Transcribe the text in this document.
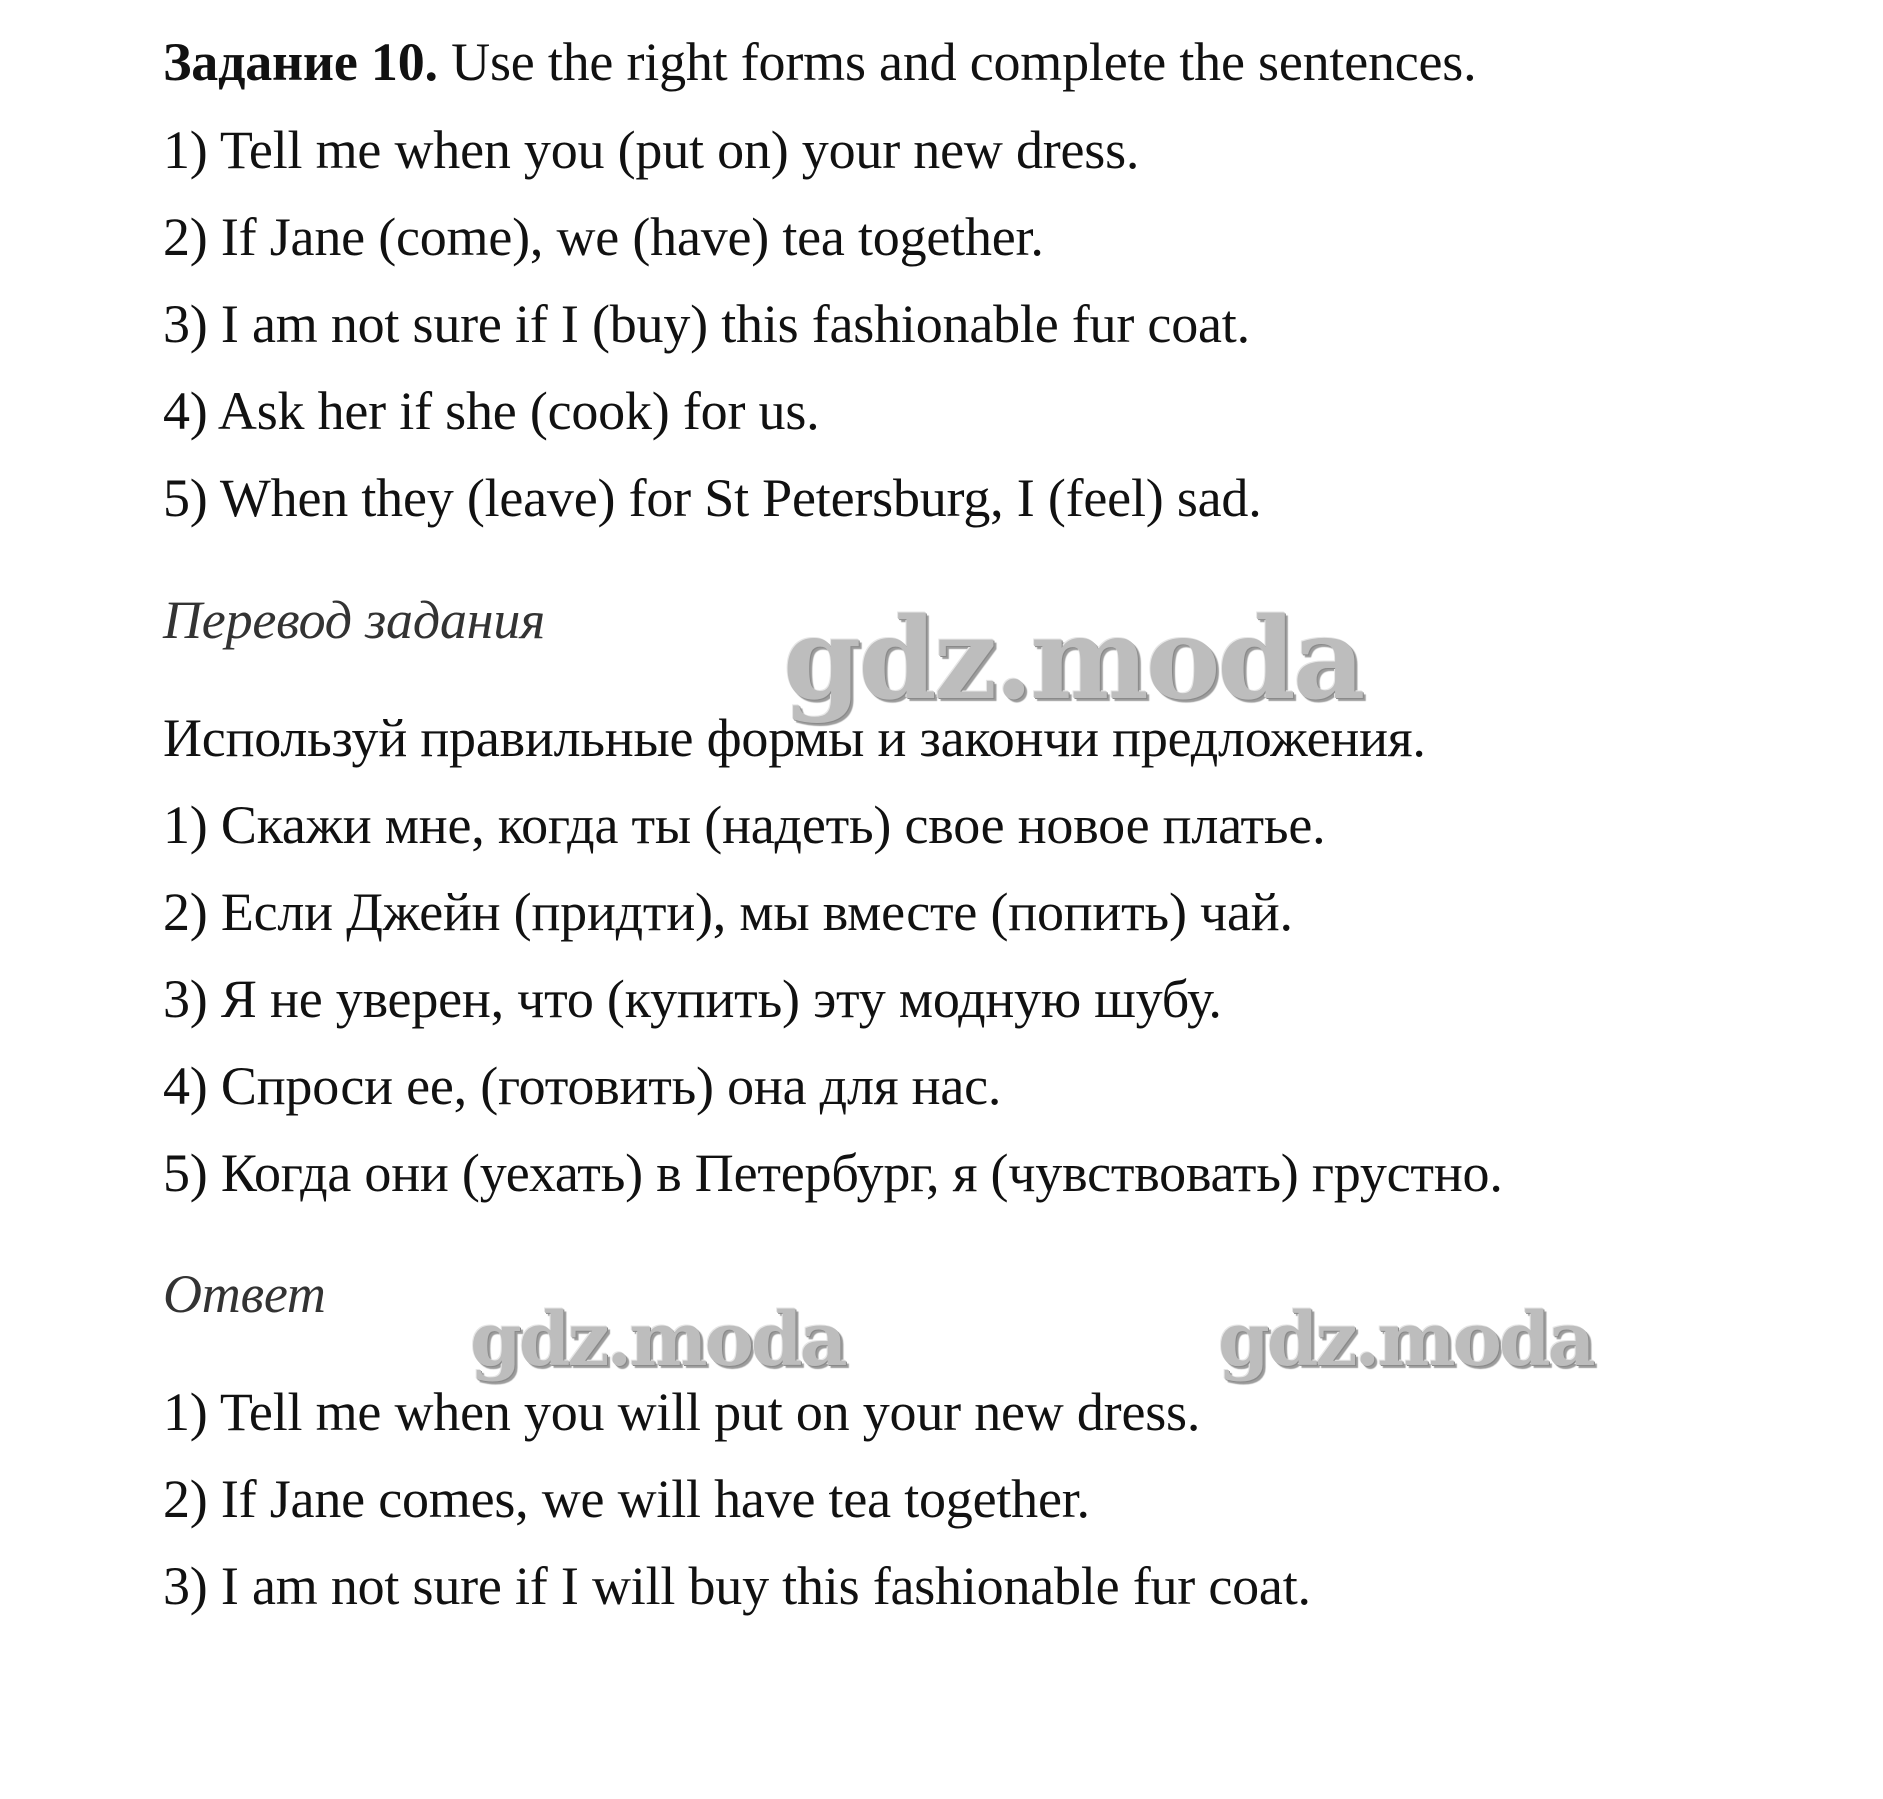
Задание 10. Use the right forms and complete the sentences.
1) Tell me when you (put on) your new dress.
2) If Jane (come), we (have) tea together.
3) I am not sure if I (buy) this fashionable fur coat.
4) Ask her if she (cook) for us.
5) When they (leave) for St Petersburg, I (feel) sad.
Перевод задания
Используй правильные формы и закончи предложения.
1) Скажи мне, когда ты (надеть) свое новое платье.
2) Если Джейн (придти), мы вместе (попить) чай.
3) Я не уверен, что (купить) эту модную шубу.
4) Спроси ее, (готовить) она для нас.
5) Когда они (уехать) в Петербург, я (чувствовать) грустно.
Ответ
1) Tell me when you will put on your new dress.
2) If Jane comes, we will have tea together.
3) I am not sure if I will buy this fashionable fur coat.
gdz.moda
gdz.moda	gdz.moda
